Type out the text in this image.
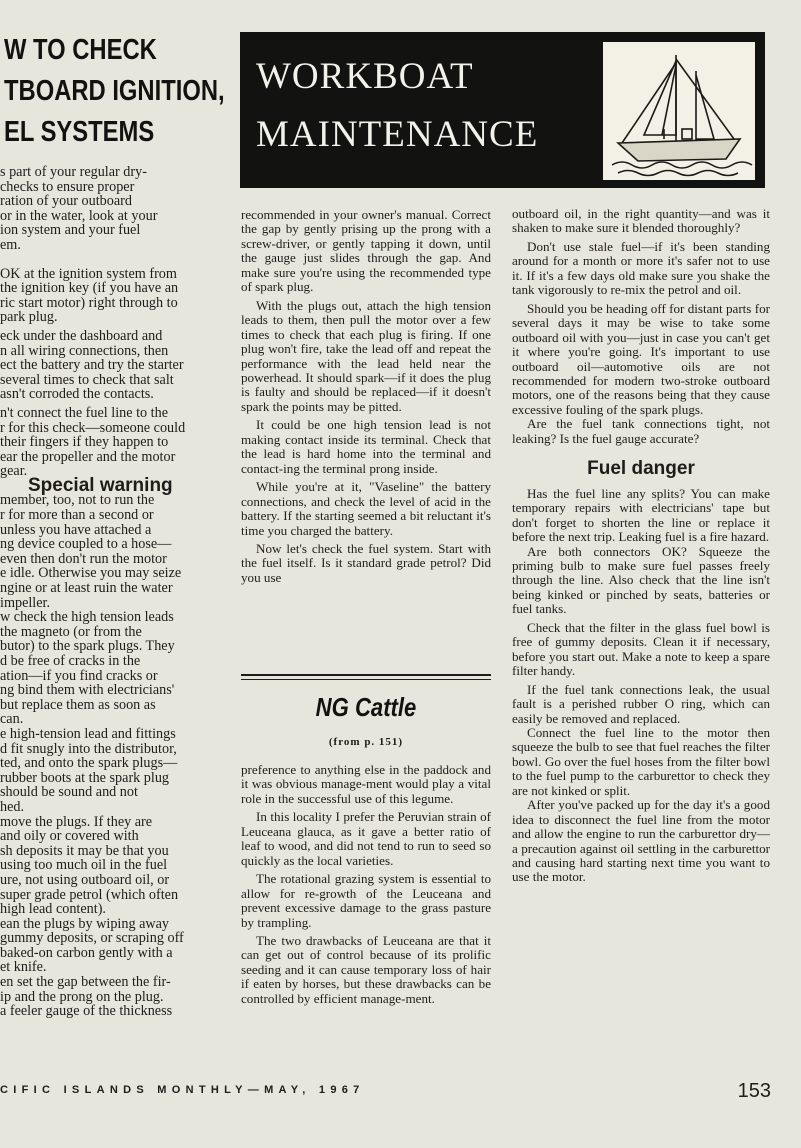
W TO CHECK
TBOARD IGNITION,
EL SYSTEMS
WORKBOAT
MAINTENANCE

s part of your regular dry-
checks to ensure proper
ration of your outboard
or in the water, look at your
ion system and your fuel
em.

OK at the ignition system from
the ignition key (if you have an
ric start motor) right through to
park plug.

eck under the dashboard and
n all wiring connections, then
ect the battery and try the starter
several times to check that salt
asn't corroded the contacts.

n't connect the fuel line to the
r for this check—someone could
their fingers if they happen to
ear the propeller and the motor
gear.

Special warning

member, too, not to run the
r for more than a second or
unless you have attached a
ng device coupled to a hose—
even then don't run the motor
e idle. Otherwise you may seize
ngine or at least ruin the water
impeller.

w check the high tension leads
the magneto (or from the
butor) to the spark plugs. They
d be free of cracks in the
ation—if you find cracks or
ng bind them with electricians'
but replace them as soon as
can.

e high-tension lead and fittings
d fit snugly into the distributor,
ted, and onto the spark plugs—
rubber boots at the spark plug
should be sound and not
hed.

move the plugs. If they are
and oily or covered with
sh deposits it may be that you
using too much oil in the fuel
ure, not using outboard oil, or
super grade petrol (which often
high lead content).

ean the plugs by wiping away
gummy deposits, or scraping off
baked-on carbon gently with a
et knife.

en set the gap between the fir-
ip and the prong on the plug.
a feeler gauge of the thickness

recommended in your owner's manual. Correct the gap by gently prising up the prong with a screw-driver, or gently tapping it down, until the gauge just slides through the gap. And make sure you're using the recommended type of spark plug.

With the plugs out, attach the high tension leads to them, then pull the motor over a few times to check that each plug is firing. If one plug won't fire, take the lead off and repeat the performance with the lead held near the powerhead. It should spark—if it does the plug is faulty and should be replaced—if it doesn't spark the points may be pitted.

It could be one high tension lead is not making contact inside its terminal. Check that the lead is hard home into the terminal and contact-ing the terminal prong inside.

While you're at it, "Vaseline" the battery connections, and check the level of acid in the battery. If the starting seemed a bit reluctant it's time you charged the battery.

Now let's check the fuel system. Start with the fuel itself. Is it standard grade petrol? Did you use

NG Cattle
(from p. 151)

preference to anything else in the paddock and it was obvious manage-ment would play a vital role in the successful use of this legume.

In this locality I prefer the Peruvian strain of Leuceana glauca, as it gave a better ratio of leaf to wood, and did not tend to run to seed so quickly as the local varieties.

The rotational grazing system is essential to allow for re-growth of the Leuceana and prevent excessive damage to the grass pasture by trampling.

The two drawbacks of Leuceana are that it can get out of control because of its prolific seeding and it can cause temporary loss of hair if eaten by horses, but these drawbacks can be controlled by efficient manage-ment.

outboard oil, in the right quantity—and was it shaken to make sure it blended thoroughly?

Don't use stale fuel—if it's been standing around for a month or more it's safer not to use it. If it's a few days old make sure you shake the tank vigorously to re-mix the petrol and oil.

Should you be heading off for distant parts for several days it may be wise to take some outboard oil with you—just in case you can't get it where you're going. It's important to use outboard oil—automotive oils are not recommended for modern two-stroke outboard motors, one of the reasons being that they cause excessive fouling of the spark plugs.

Are the fuel tank connections tight, not leaking? Is the fuel gauge accurate?

Fuel danger

Has the fuel line any splits? You can make temporary repairs with electricians' tape but don't forget to shorten the line or replace it before the next trip. Leaking fuel is a fire hazard.

Are both connectors OK? Squeeze the priming bulb to make sure fuel passes freely through the line. Also check that the line isn't being kinked or pinched by seats, batteries or fuel tanks.

Check that the filter in the glass fuel bowl is free of gummy deposits. Clean it if necessary, before you start out. Make a note to keep a spare filter handy.

If the fuel tank connections leak, the usual fault is a perished rubber O ring, which can easily be removed and replaced.

Connect the fuel line to the motor then squeeze the bulb to see that fuel reaches the filter bowl. Go over the fuel hoses from the filter bowl to the fuel pump to the carburettor to check they are not kinked or split.

After you've packed up for the day it's a good idea to disconnect the fuel line from the motor and allow the engine to run the carburettor dry—a precaution against oil settling in the carburettor and causing hard starting next time you want to use the motor.

CIFIC ISLANDS MONTHLY—MAY, 1967	153
